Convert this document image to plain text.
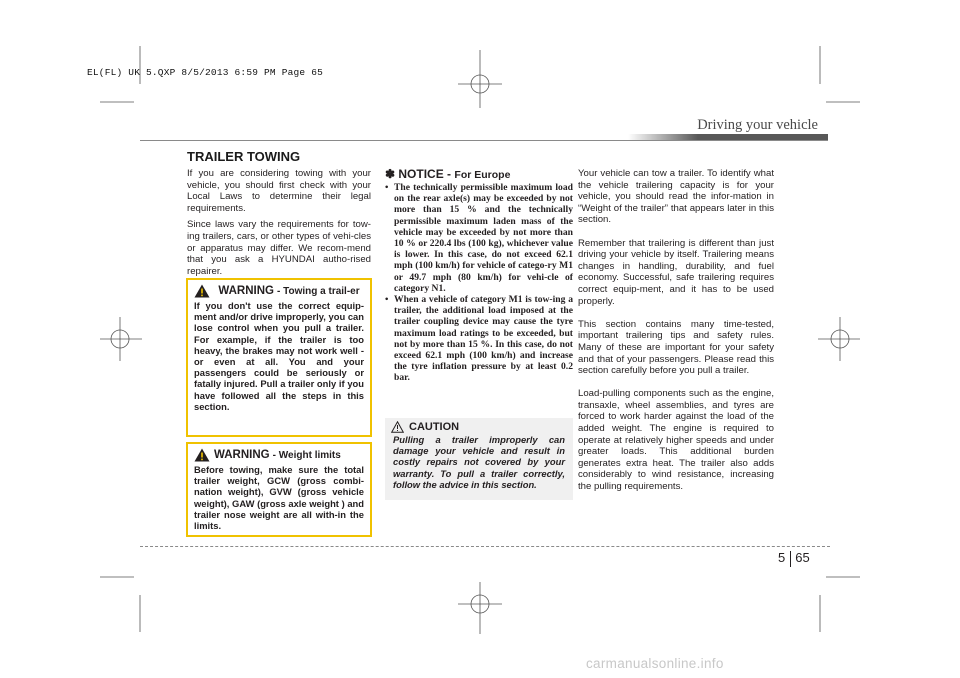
EL(FL) UK 5.QXP 8/5/2013 6:59 PM Page 65
Driving your vehicle
TRAILER TOWING

If you are considering towing with your vehicle, you should first check with your Local Laws to determine their legal requirements.

Since laws vary the requirements for tow-ing trailers, cars, or other types of vehi-cles or apparatus may differ. We recom-mend that you ask a HYUNDAI autho-rised repairer.

WARNING - Towing a trail-er
If you don't use the correct equip-ment and/or drive improperly, you can lose control when you pull a trailer. For example, if the trailer is too heavy, the brakes may not work well - or even at all. You and your passengers could be seriously or fatally injured. Pull a trailer only if you have followed all the steps in this section.
WARNING - Weight limits
Before towing, make sure the total trailer weight, GCW (gross combi-nation weight), GVW (gross vehicle weight), GAW (gross axle weight ) and trailer nose weight are all with-in the limits.
✽ NOTICE - For Europe
• The technically permissible maximum load on the rear axle(s) may be exceeded by not more than 15 % and the technically permissible maximum laden mass of the vehicle may be exceeded by not more than 10 % or 220.4 lbs (100 kg), whichever value is lower. In this case, do not exceed 62.1 mph (100 km/h) for vehicle of catego-ry M1 or 49.7 mph (80 km/h) for vehi-cle of category N1.
• When a vehicle of category M1 is tow-ing a trailer, the additional load imposed at the trailer coupling device may cause the tyre maximum load ratings to be exceeded, but not by more than 15 %. In this case, do not exceed 62.1 mph (100 km/h) and increase the tyre inflation pressure by at least 0.2 bar.
CAUTION
Pulling a trailer improperly can damage your vehicle and result in costly repairs not covered by your warranty. To pull a trailer correctly, follow the advice in this section.

Your vehicle can tow a trailer. To identify what the vehicle trailering capacity is for your vehicle, you should read the infor-mation in “Weight of the trailer” that appears later in this section.

Remember that trailering is different than just driving your vehicle by itself. Trailering means changes in handling, durability, and fuel economy. Successful, safe trailering requires correct equip-ment, and it has to be used properly.

This section contains many time-tested, important trailering tips and safety rules. Many of these are important for your safety and that of your passengers. Please read this section carefully before you pull a trailer.

Load-pulling components such as the engine, transaxle, wheel assemblies, and tyres are forced to work harder against the load of the added weight. The engine is required to operate at relatively higher speeds and under greater loads. This additional burden generates extra heat. The trailer also adds considerably to wind resistance, increasing the pulling requirements.

5 65
carmanualsonline.info
